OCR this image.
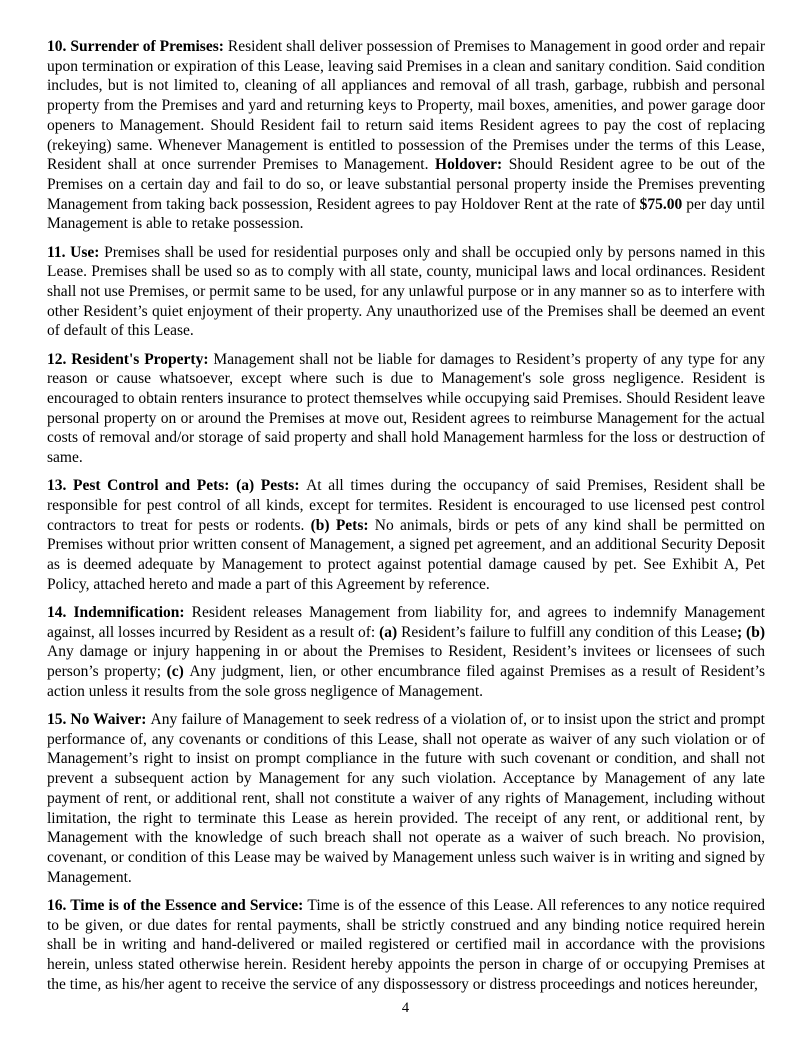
10. Surrender of Premises: Resident shall deliver possession of Premises to Management in good order and repair upon termination or expiration of this Lease, leaving said Premises in a clean and sanitary condition. Said condition includes, but is not limited to, cleaning of all appliances and removal of all trash, garbage, rubbish and personal property from the Premises and yard and returning keys to Property, mail boxes, amenities, and power garage door openers to Management. Should Resident fail to return said items Resident agrees to pay the cost of replacing (rekeying) same. Whenever Management is entitled to possession of the Premises under the terms of this Lease, Resident shall at once surrender Premises to Management. Holdover: Should Resident agree to be out of the Premises on a certain day and fail to do so, or leave substantial personal property inside the Premises preventing Management from taking back possession, Resident agrees to pay Holdover Rent at the rate of $75.00 per day until Management is able to retake possession.

11. Use: Premises shall be used for residential purposes only and shall be occupied only by persons named in this Lease. Premises shall be used so as to comply with all state, county, municipal laws and local ordinances. Resident shall not use Premises, or permit same to be used, for any unlawful purpose or in any manner so as to interfere with other Resident’s quiet enjoyment of their property. Any unauthorized use of the Premises shall be deemed an event of default of this Lease.

12. Resident's Property: Management shall not be liable for damages to Resident’s property of any type for any reason or cause whatsoever, except where such is due to Management's sole gross negligence. Resident is encouraged to obtain renters insurance to protect themselves while occupying said Premises. Should Resident leave personal property on or around the Premises at move out, Resident agrees to reimburse Management for the actual costs of removal and/or storage of said property and shall hold Management harmless for the loss or destruction of same.

13. Pest Control and Pets: (a) Pests: At all times during the occupancy of said Premises, Resident shall be responsible for pest control of all kinds, except for termites. Resident is encouraged to use licensed pest control contractors to treat for pests or rodents. (b) Pets: No animals, birds or pets of any kind shall be permitted on Premises without prior written consent of Management, a signed pet agreement, and an additional Security Deposit as is deemed adequate by Management to protect against potential damage caused by pet. See Exhibit A, Pet Policy, attached hereto and made a part of this Agreement by reference.

14. Indemnification: Resident releases Management from liability for, and agrees to indemnify Management against, all losses incurred by Resident as a result of: (a) Resident’s failure to fulfill any condition of this Lease; (b) Any damage or injury happening in or about the Premises to Resident, Resident’s invitees or licensees of such person’s property; (c) Any judgment, lien, or other encumbrance filed against Premises as a result of Resident’s action unless it results from the sole gross negligence of Management.

15. No Waiver: Any failure of Management to seek redress of a violation of, or to insist upon the strict and prompt performance of, any covenants or conditions of this Lease, shall not operate as waiver of any such violation or of Management’s right to insist on prompt compliance in the future with such covenant or condition, and shall not prevent a subsequent action by Management for any such violation. Acceptance by Management of any late payment of rent, or additional rent, shall not constitute a waiver of any rights of Management, including without limitation, the right to terminate this Lease as herein provided. The receipt of any rent, or additional rent, by Management with the knowledge of such breach shall not operate as a waiver of such breach. No provision, covenant, or condition of this Lease may be waived by Management unless such waiver is in writing and signed by Management.

16. Time is of the Essence and Service: Time is of the essence of this Lease. All references to any notice required to be given, or due dates for rental payments, shall be strictly construed and any binding notice required herein shall be in writing and hand-delivered or mailed registered or certified mail in accordance with the provisions herein, unless stated otherwise herein. Resident hereby appoints the person in charge of or occupying Premises at the time, as his/her agent to receive the service of any dispossessory or distress proceedings and notices hereunder,

4
